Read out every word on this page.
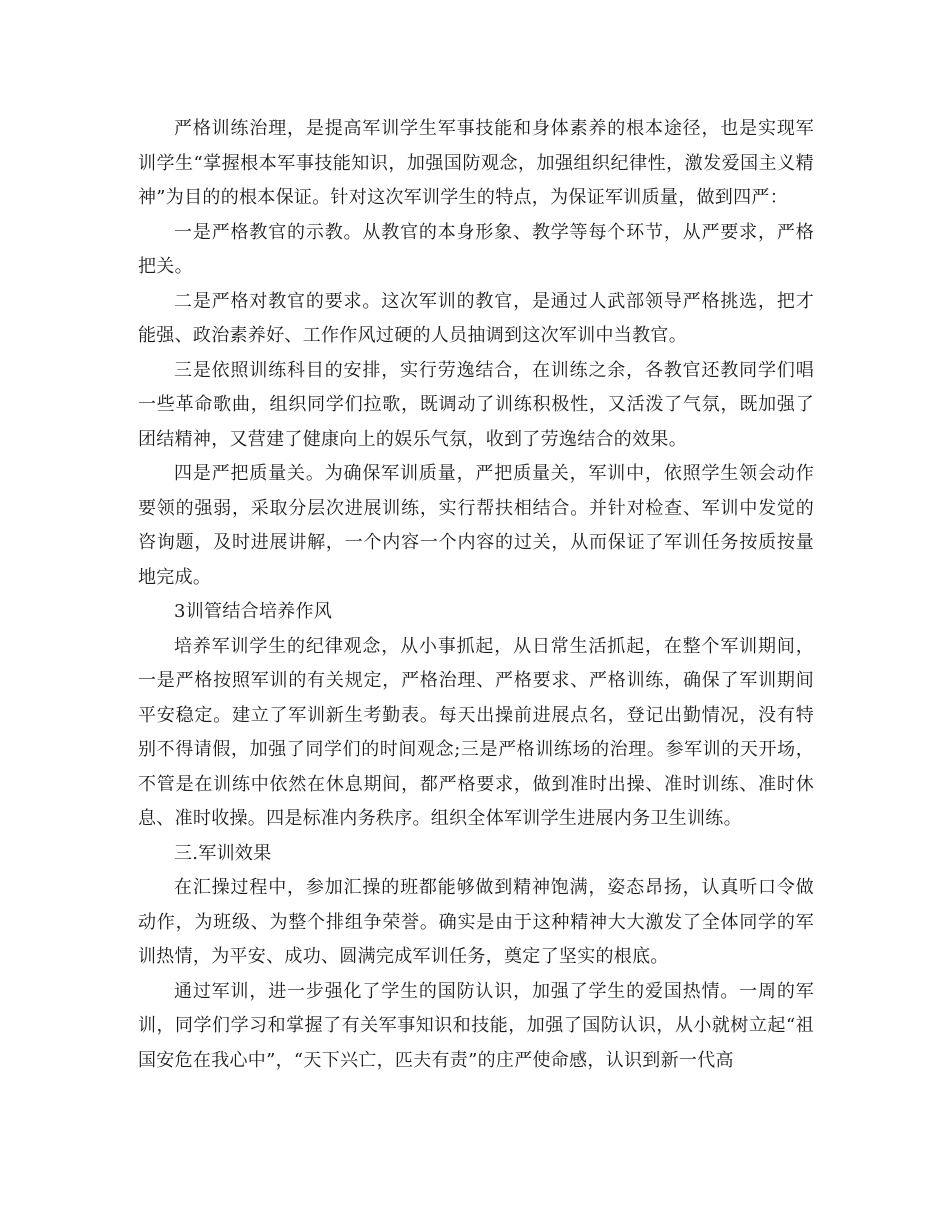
严格训练治理，是提高军训学生军事技能和身体素养的根本途径，也是实现军训学生“掌握根本军事技能知识，加强国防观念，加强组织纪律性，激发爱国主义精神”为目的的根本保证。针对这次军训学生的特点，为保证军训质量，做到四严：

一是严格教官的示教。从教官的本身形象、教学等每个环节，从严要求，严格把关。

二是严格对教官的要求。这次军训的教官，是通过人武部领导严格挑选，把才能强、政治素养好、工作作风过硬的人员抽调到这次军训中当教官。

三是依照训练科目的安排，实行劳逸结合，在训练之余，各教官还教同学们唱一些革命歌曲，组织同学们拉歌，既调动了训练积极性，又活泼了气氛，既加强了团结精神，又营建了健康向上的娱乐气氛，收到了劳逸结合的效果。

四是严把质量关。为确保军训质量，严把质量关，军训中，依照学生领会动作要领的强弱，采取分层次进展训练，实行帮扶相结合。并针对检查、军训中发觉的咨询题，及时进展讲解，一个内容一个内容的过关，从而保证了军训任务按质按量地完成。

3训管结合培养作风

培养军训学生的纪律观念，从小事抓起，从日常生活抓起，在整个军训期间，一是严格按照军训的有关规定，严格治理、严格要求、严格训练，确保了军训期间平安稳定。建立了军训新生考勤表。每天出操前进展点名，登记出勤情况，没有特别不得请假，加强了同学们的时间观念;三是严格训练场的治理。参军训的天开场，不管是在训练中依然在休息期间，都严格要求，做到准时出操、准时训练、准时休息、准时收操。四是标准内务秩序。组织全体军训学生进展内务卫生训练。

三.军训效果

在汇操过程中，参加汇操的班都能够做到精神饱满，姿态昂扬，认真听口令做动作，为班级、为整个排组争荣誉。确实是由于这种精神大大激发了全体同学的军训热情，为平安、成功、圆满完成军训任务，奠定了坚实的根底。

通过军训，进一步强化了学生的国防认识，加强了学生的爱国热情。一周的军训，同学们学习和掌握了有关军事知识和技能，加强了国防认识，从小就树立起“祖国安危在我心中”，“天下兴亡，匹夫有责”的庄严使命感，认识到新一代高
